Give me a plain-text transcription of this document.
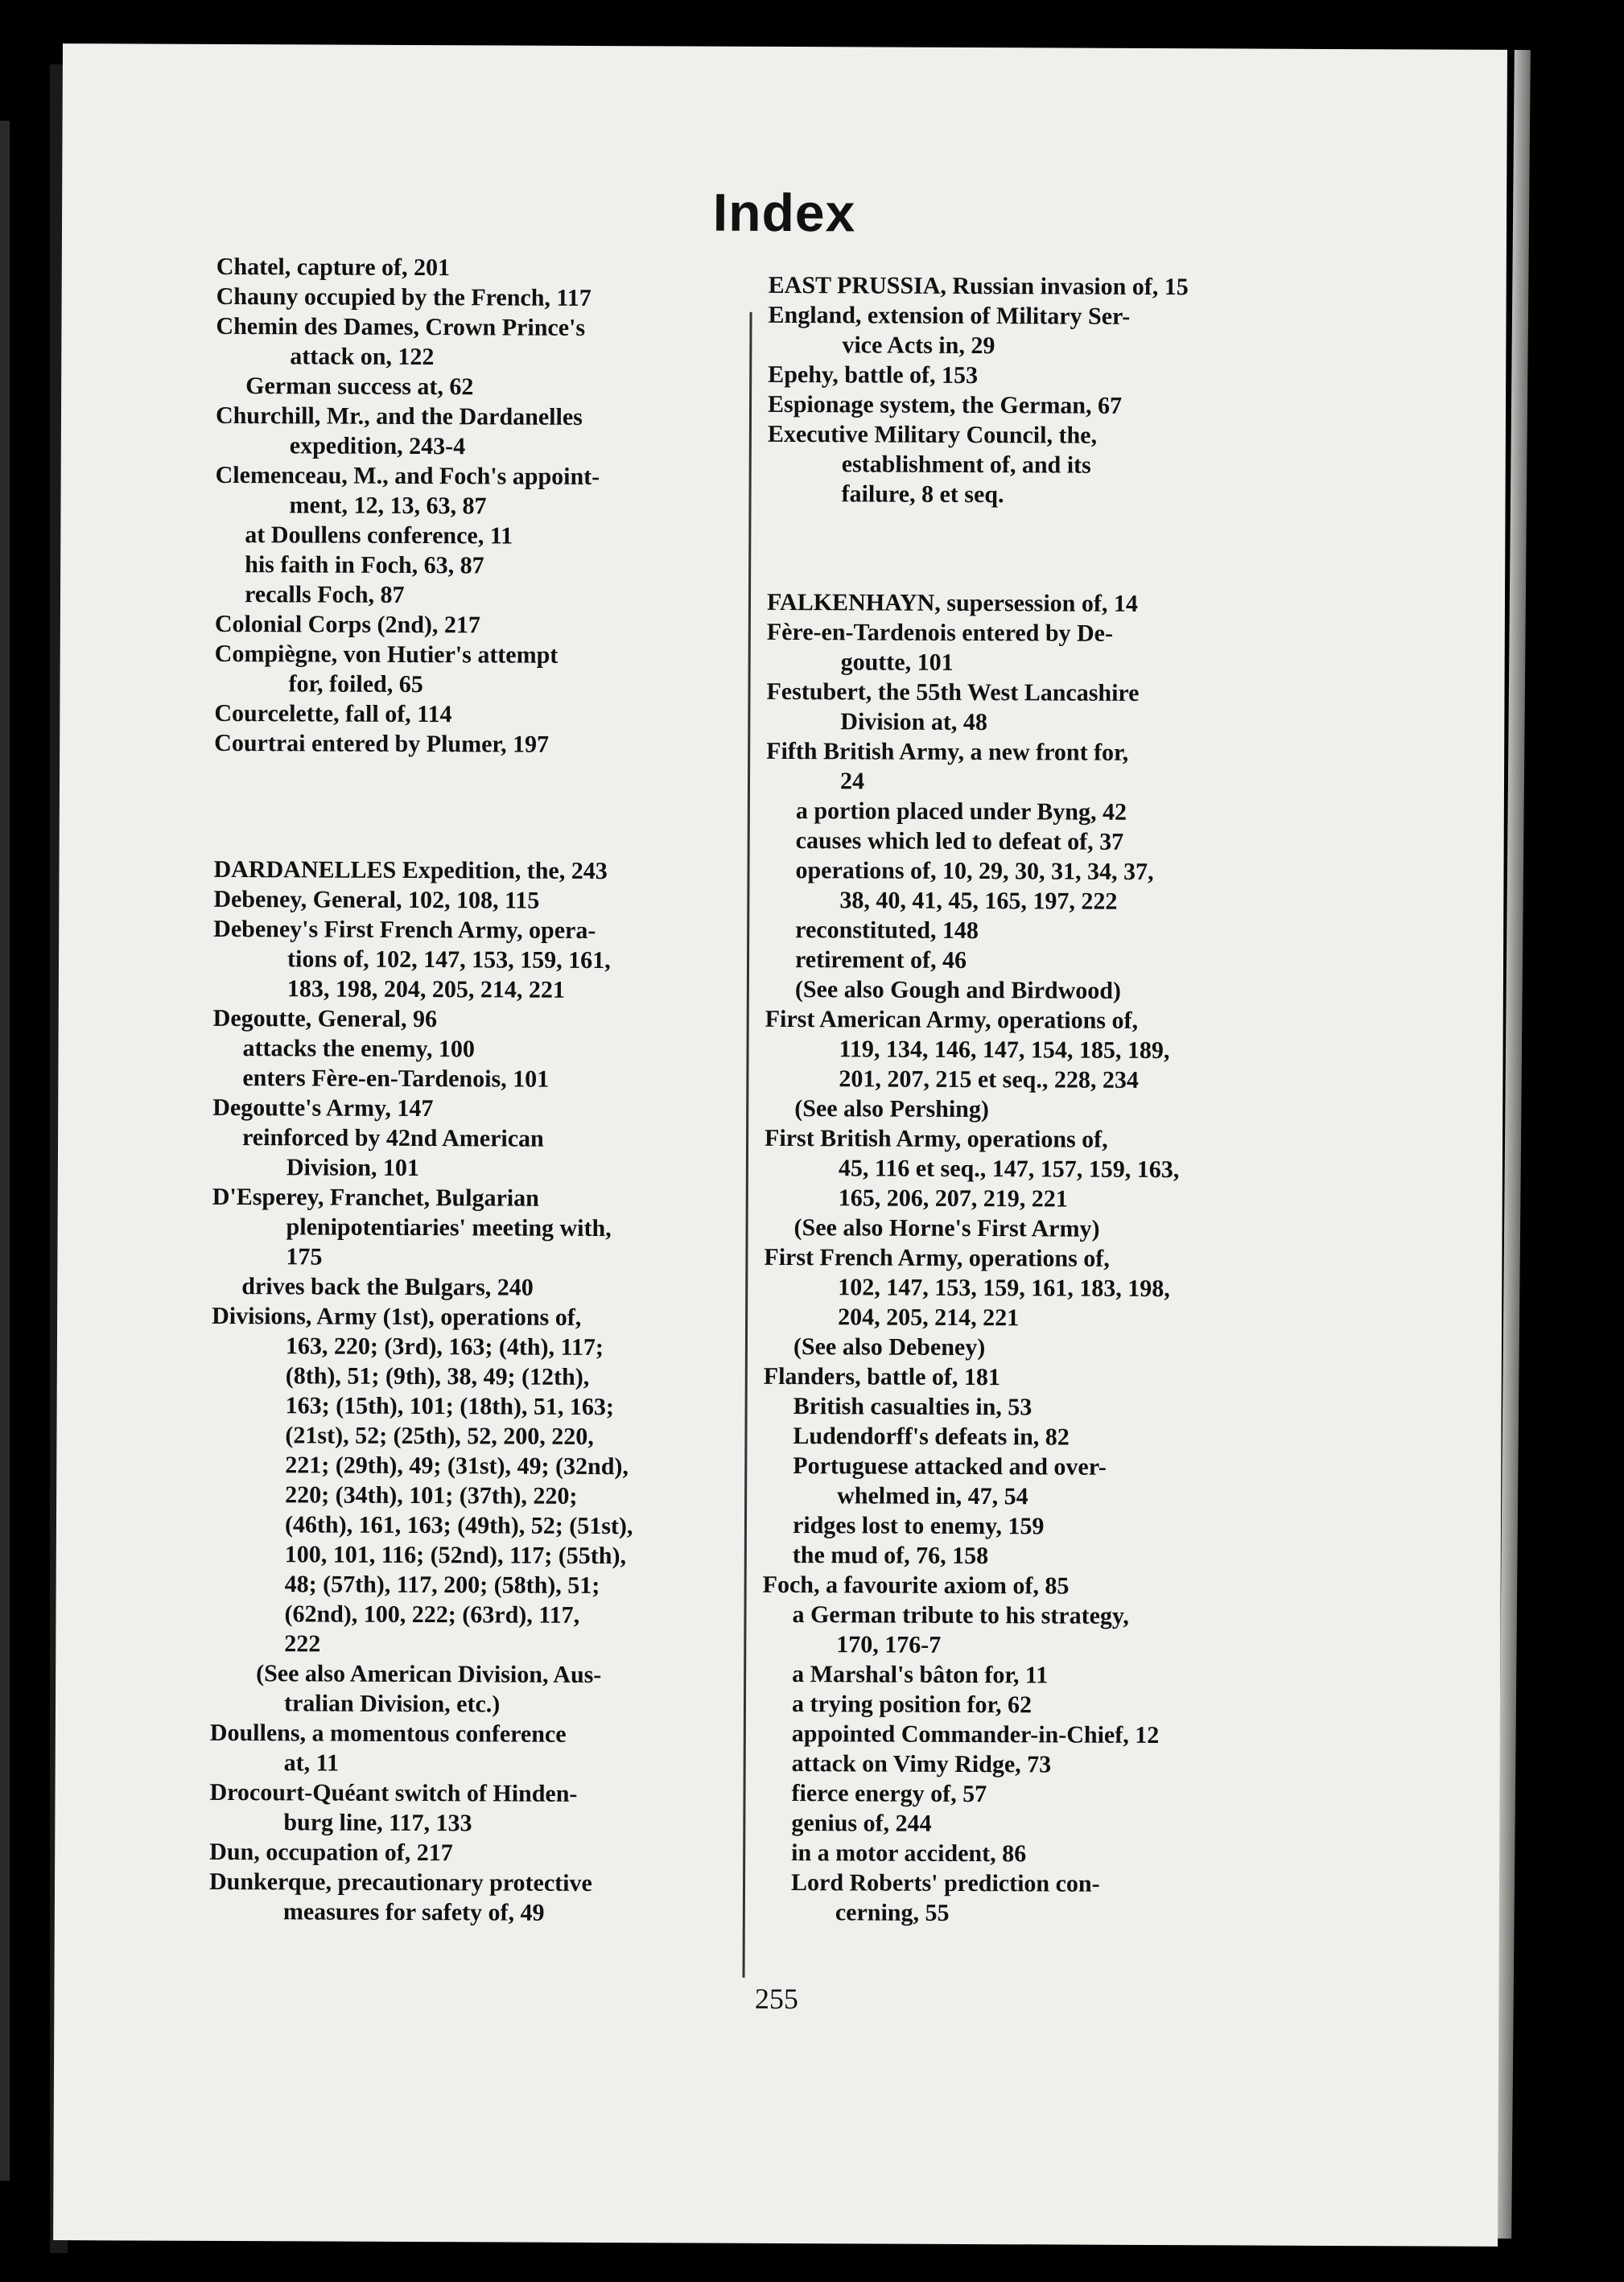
Index
Chatel, capture of, 201
Chauny occupied by the French, 117
Chemin des Dames, Crown Prince's
attack on, 122
German success at, 62
Churchill, Mr., and the Dardanelles
expedition, 243-4
Clemenceau, M., and Foch's appoint-
ment, 12, 13, 63, 87
at Doullens conference, 11
his faith in Foch, 63, 87
recalls Foch, 87
Colonial Corps (2nd), 217
Compiègne, von Hutier's attempt
for, foiled, 65
Courcelette, fall of, 114
Courtrai entered by Plumer, 197
DARDANELLES Expedition, the, 243
Debeney, General, 102, 108, 115
Debeney's First French Army, opera-
tions of, 102, 147, 153, 159, 161,
183, 198, 204, 205, 214, 221
Degoutte, General, 96
attacks the enemy, 100
enters Fère-en-Tardenois, 101
Degoutte's Army, 147
reinforced by 42nd American
Division, 101
D'Esperey, Franchet, Bulgarian
plenipotentiaries' meeting with,
175
drives back the Bulgars, 240
Divisions, Army (1st), operations of,
163, 220; (3rd), 163; (4th), 117;
(8th), 51; (9th), 38, 49; (12th),
163; (15th), 101; (18th), 51, 163;
(21st), 52; (25th), 52, 200, 220,
221; (29th), 49; (31st), 49; (32nd),
220; (34th), 101; (37th), 220;
(46th), 161, 163; (49th), 52; (51st),
100, 101, 116; (52nd), 117; (55th),
48; (57th), 117, 200; (58th), 51;
(62nd), 100, 222; (63rd), 117,
222
(See also American Division, Aus-
tralian Division, etc.)
Doullens, a momentous conference
at, 11
Drocourt-Quéant switch of Hinden-
burg line, 117, 133
Dun, occupation of, 217
Dunkerque, precautionary protective
measures for safety of, 49
EAST PRUSSIA, Russian invasion of, 15
England, extension of Military Ser-
vice Acts in, 29
Epehy, battle of, 153
Espionage system, the German, 67
Executive Military Council, the,
establishment of, and its
failure, 8 et seq.
FALKENHAYN, supersession of, 14
Fère-en-Tardenois entered by De-
goutte, 101
Festubert, the 55th West Lancashire
Division at, 48
Fifth British Army, a new front for,
24
a portion placed under Byng, 42
causes which led to defeat of, 37
operations of, 10, 29, 30, 31, 34, 37,
38, 40, 41, 45, 165, 197, 222
reconstituted, 148
retirement of, 46
(See also Gough and Birdwood)
First American Army, operations of,
119, 134, 146, 147, 154, 185, 189,
201, 207, 215 et seq., 228, 234
(See also Pershing)
First British Army, operations of,
45, 116 et seq., 147, 157, 159, 163,
165, 206, 207, 219, 221
(See also Horne's First Army)
First French Army, operations of,
102, 147, 153, 159, 161, 183, 198,
204, 205, 214, 221
(See also Debeney)
Flanders, battle of, 181
British casualties in, 53
Ludendorff's defeats in, 82
Portuguese attacked and over-
whelmed in, 47, 54
ridges lost to enemy, 159
the mud of, 76, 158
Foch, a favourite axiom of, 85
a German tribute to his strategy,
170, 176-7
a Marshal's bâton for, 11
a trying position for, 62
appointed Commander-in-Chief, 12
attack on Vimy Ridge, 73
fierce energy of, 57
genius of, 244
in a motor accident, 86
Lord Roberts' prediction con-
cerning, 55
255
